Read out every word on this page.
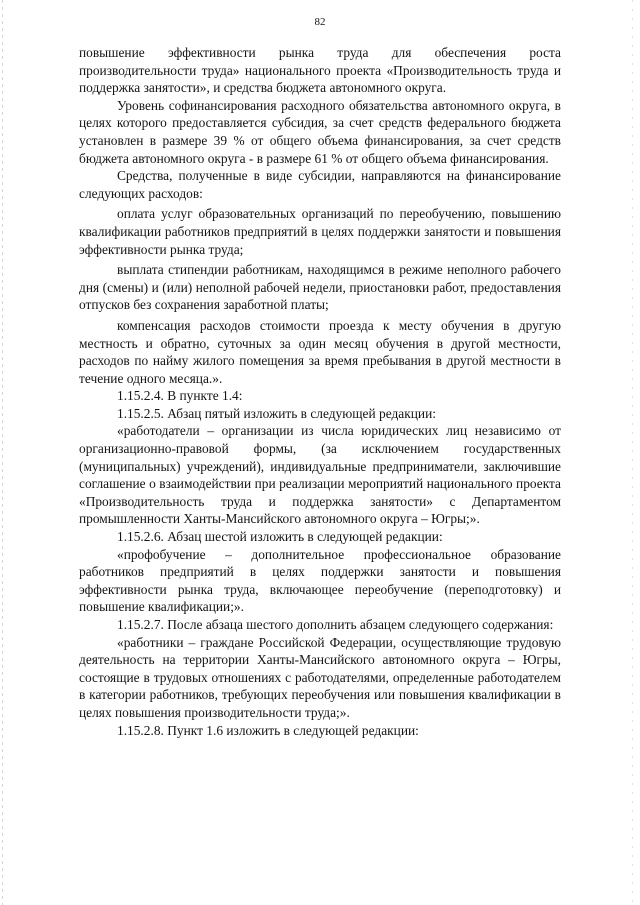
82

повышение эффективности рынка труда для обеспечения роста производительности труда» национального проекта «Производительность труда и поддержка занятости», и средства бюджета автономного округа.

Уровень софинансирования расходного обязательства автономного округа, в целях которого предоставляется субсидия, за счет средств федерального бюджета установлен в размере 39 % от общего объема финансирования, за счет средств бюджета автономного округа - в размере 61 % от общего объема финансирования.

Средства, полученные в виде субсидии, направляются на финансирование следующих расходов:

оплата услуг образовательных организаций по переобучению, повышению квалификации работников предприятий в целях поддержки занятости и повышения эффективности рынка труда;

выплата стипендии работникам, находящимся в режиме неполного рабочего дня (смены) и (или) неполной рабочей недели, приостановки работ, предоставления отпусков без сохранения заработной платы;

компенсация расходов стоимости проезда к месту обучения в другую местность и обратно, суточных за один месяц обучения в другой местности, расходов по найму жилого помещения за время пребывания в другой местности в течение одного месяца.».

1.15.2.4. В пункте 1.4:

1.15.2.5. Абзац пятый изложить в следующей редакции:

«работодатели – организации из числа юридических лиц независимо от организационно-правовой формы, (за исключением государственных (муниципальных) учреждений), индивидуальные предприниматели, заключившие соглашение о взаимодействии при реализации мероприятий национального проекта «Производительность труда и поддержка занятости» с Департаментом промышленности Ханты-Мансийского автономного округа – Югры;».

1.15.2.6. Абзац шестой изложить в следующей редакции:

«профобучение – дополнительное профессиональное образование работников предприятий в целях поддержки занятости и повышения эффективности рынка труда, включающее переобучение (переподготовку) и повышение квалификации;».

1.15.2.7. После абзаца шестого дополнить абзацем следующего содержания:

«работники – граждане Российской Федерации, осуществляющие трудовую деятельность на территории Ханты-Мансийского автономного округа – Югры, состоящие в трудовых отношениях с работодателями, определенные работодателем в категории работников, требующих переобучения или повышения квалификации в целях повышения производительности труда;».

1.15.2.8. Пункт 1.6 изложить в следующей редакции:
